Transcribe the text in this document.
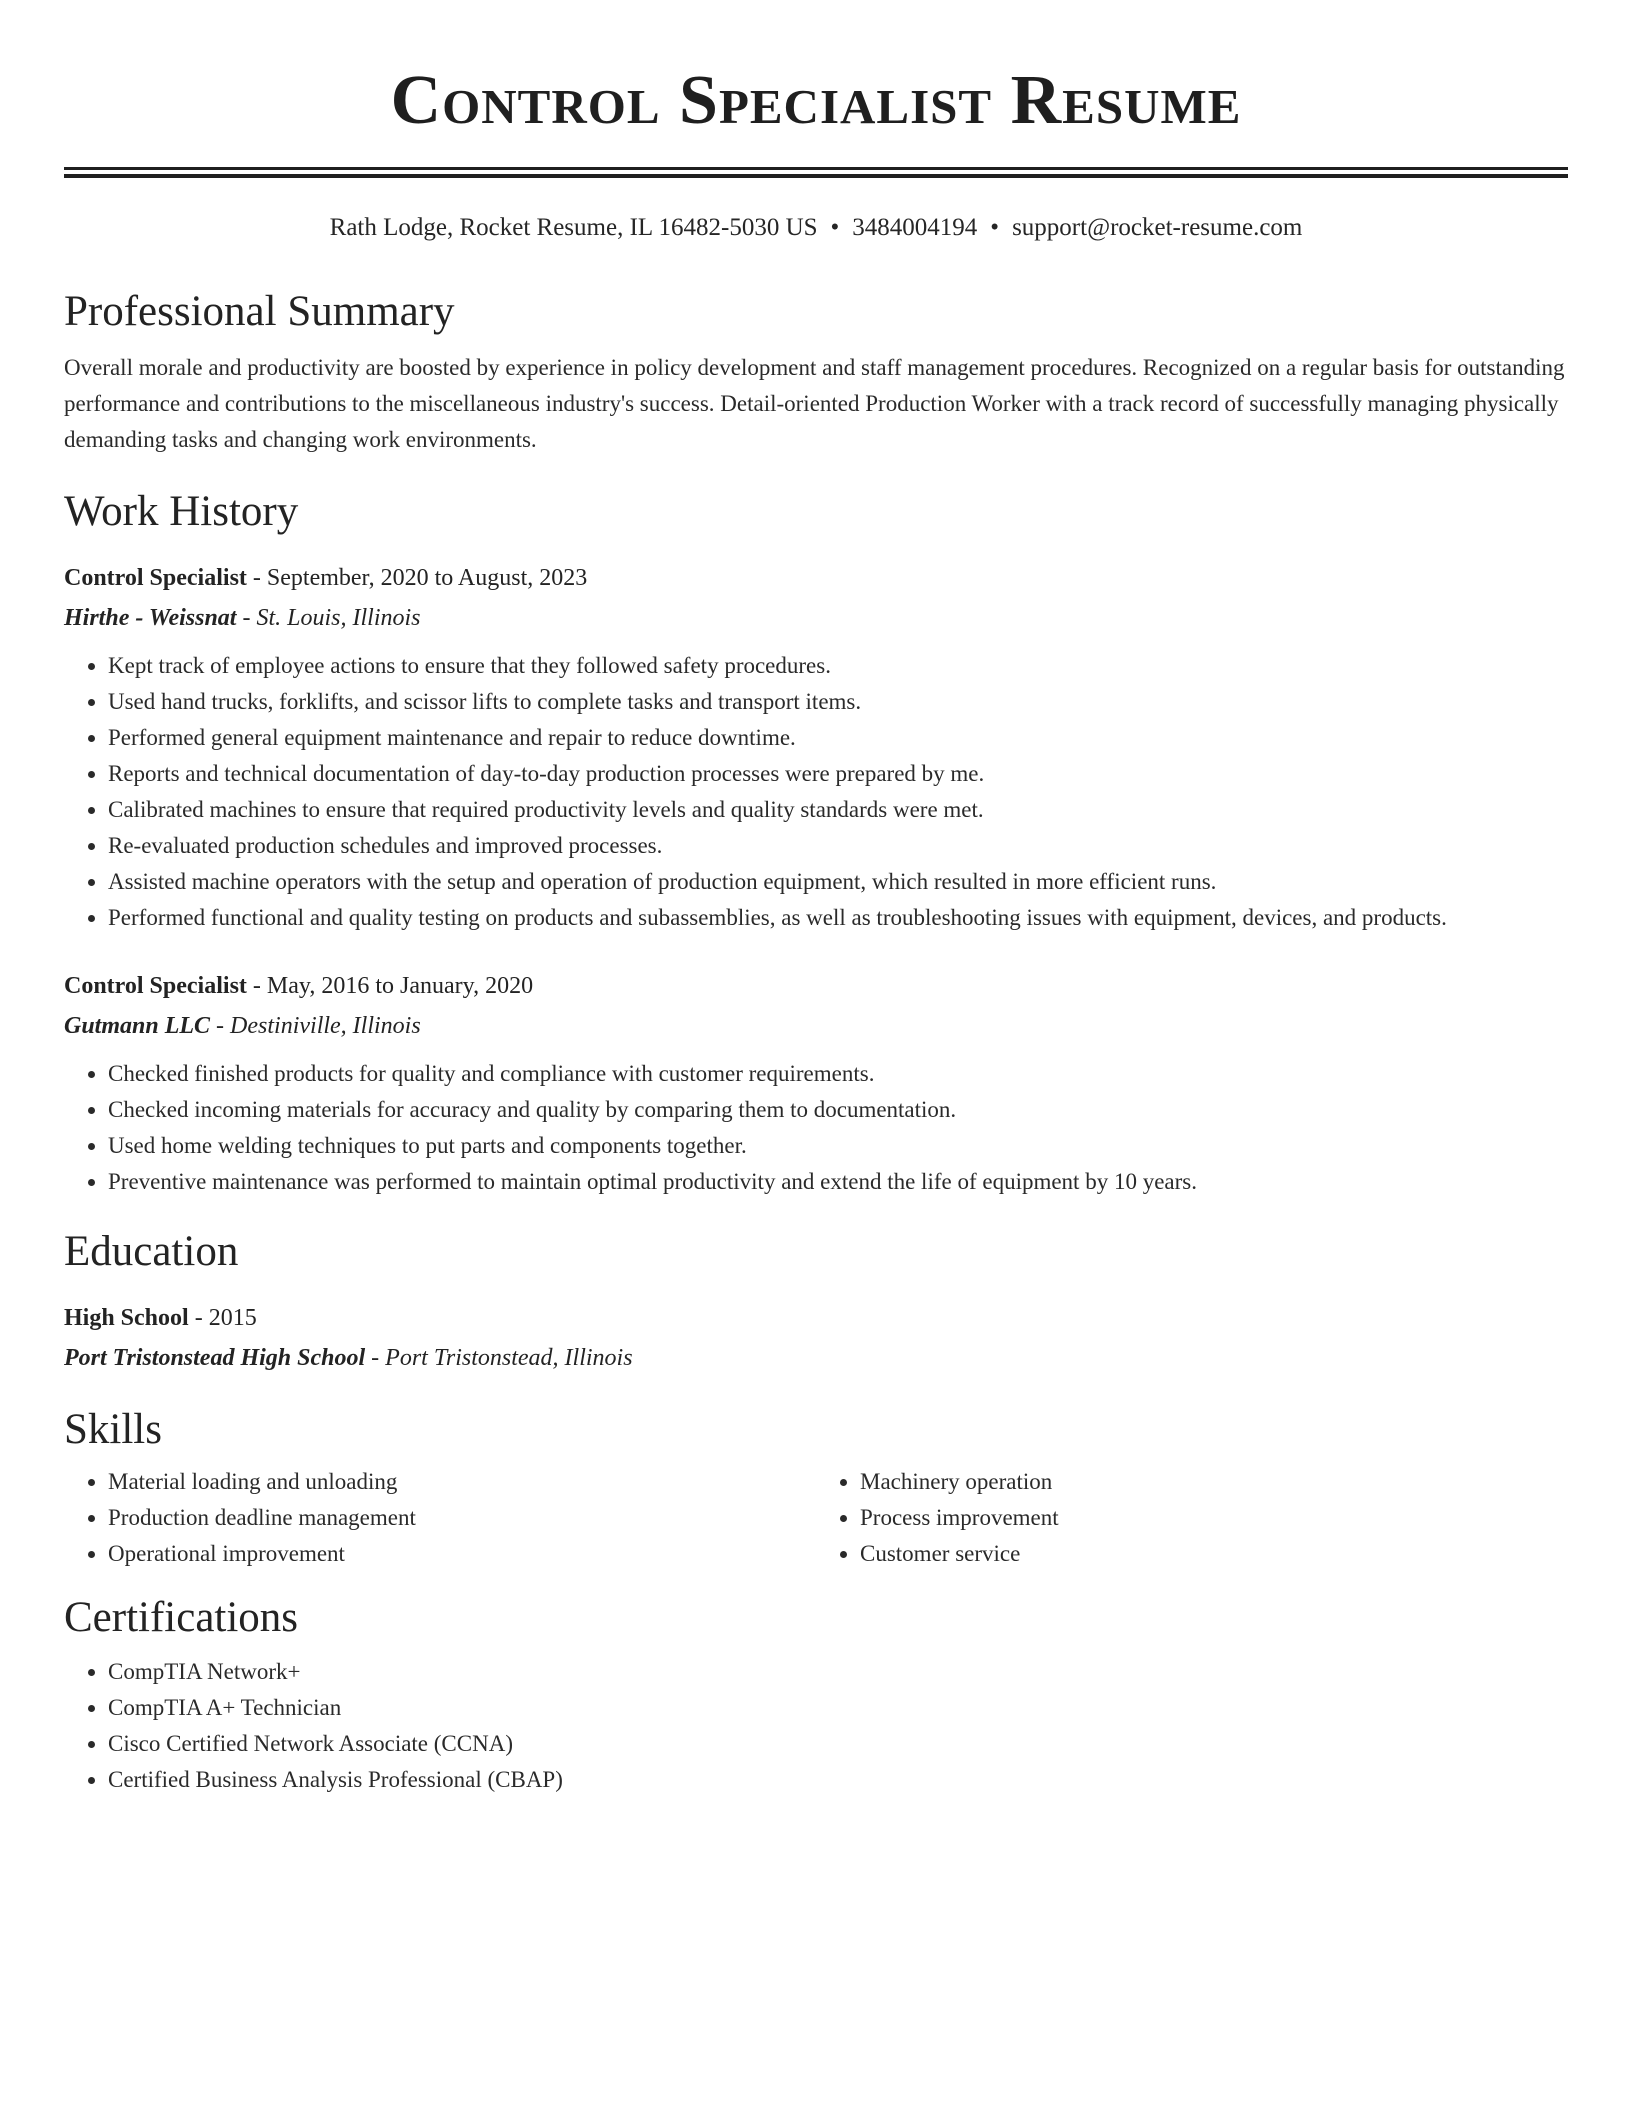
Control Specialist Resume
Rath Lodge, Rocket Resume, IL 16482-5030 US • 3484004194 • support@rocket-resume.com
Professional Summary

Overall morale and productivity are boosted by experience in policy development and staff management procedures. Recognized on a regular basis for outstanding performance and contributions to the miscellaneous industry's success. Detail-oriented Production Worker with a track record of successfully managing physically demanding tasks and changing work environments.

Work History
Control Specialist - September, 2020 to August, 2023
Hirthe - Weissnat - St. Louis, Illinois
• Kept track of employee actions to ensure that they followed safety procedures.
• Used hand trucks, forklifts, and scissor lifts to complete tasks and transport items.
• Performed general equipment maintenance and repair to reduce downtime.
• Reports and technical documentation of day-to-day production processes were prepared by me.
• Calibrated machines to ensure that required productivity levels and quality standards were met.
• Re-evaluated production schedules and improved processes.
• Assisted machine operators with the setup and operation of production equipment, which resulted in more efficient runs.
• Performed functional and quality testing on products and subassemblies, as well as troubleshooting issues with equipment, devices, and products.
Control Specialist - May, 2016 to January, 2020
Gutmann LLC - Destiniville, Illinois
• Checked finished products for quality and compliance with customer requirements.
• Checked incoming materials for accuracy and quality by comparing them to documentation.
• Used home welding techniques to put parts and components together.
• Preventive maintenance was performed to maintain optimal productivity and extend the life of equipment by 10 years.
Education
High School - 2015
Port Tristonstead High School - Port Tristonstead, Illinois
Skills
• Material loading and unloading
• Production deadline management
• Operational improvement
• Machinery operation
• Process improvement
• Customer service
Certifications
• CompTIA Network+
• CompTIA A+ Technician
• Cisco Certified Network Associate (CCNA)
• Certified Business Analysis Professional (CBAP)
